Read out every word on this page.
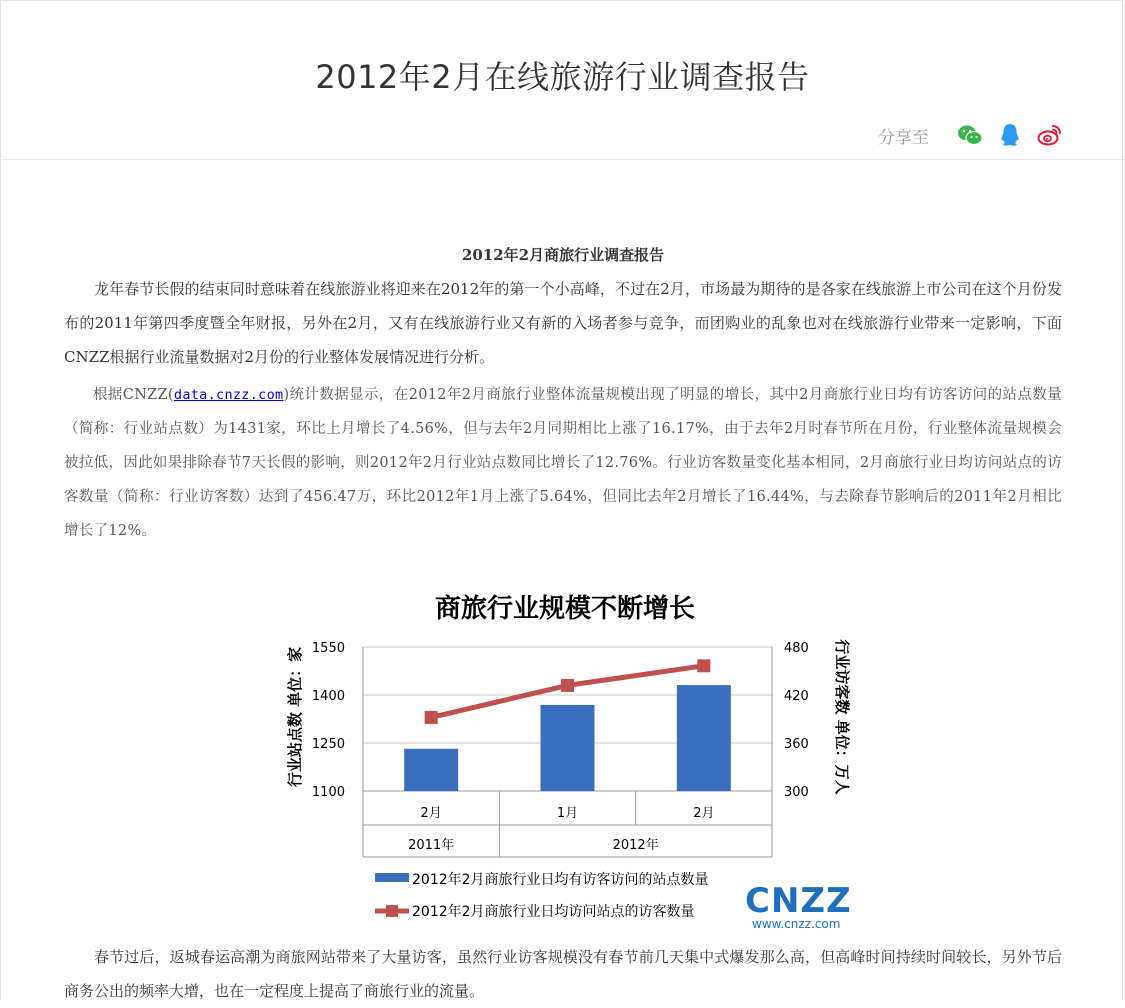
2012年2月在线旅游行业调查报告
分享至
2012年2月商旅行业调查报告

龙年春节长假的结束同时意味着在线旅游业将迎来在2012年的第一个小高峰，不过在2月，市场最为期待的是各家在线旅游上市公司在这个月份发布的2011年第四季度暨全年财报，另外在2月，又有在线旅游行业又有新的入场者参与竞争，而团购业的乱象也对在线旅游行业带来一定影响，下面CNZZ根据行业流量数据对2月份的行业整体发展情况进行分析。

根据CNZZ(data.cnzz.com)统计数据显示，在2012年2月商旅行业整体流量规模出现了明显的增长，其中2月商旅行业日均有访客访问的站点数量（简称：行业站点数）为1431家，环比上月增长了4.56%，但与去年2月同期相比上涨了16.17%，由于去年2月时春节所在月份，行业整体流量规模会被拉低，因此如果排除春节7天长假的影响，则2012年2月行业站点数同比增长了12.76%。行业访客数量变化基本相同，2月商旅行业日均访问站点的访客数量（简称：行业访客数）达到了456.47万，环比2012年1月上涨了5.64%，但同比去年2月增长了16.44%，与去除春节影响后的2011年2月相比增长了12%。

商旅行业规模不断增长
1550
1400
1250
1100
480
420
360
300
2月	1月	2月
2011年	2012年
行业站点数 单位：家	行业访客数 单位：万人
2012年2月商旅行业日均有访客访问的站点数量
2012年2月商旅行业日均访问站点的访客数量 CNZZ
www.cnzz.com

春节过后，返城春运高潮为商旅网站带来了大量访客，虽然行业访客规模没有春节前几天集中式爆发那么高，但高峰时间持续时间较长，另外节后商务公出的频率大增，也在一定程度上提高了商旅行业的流量。
